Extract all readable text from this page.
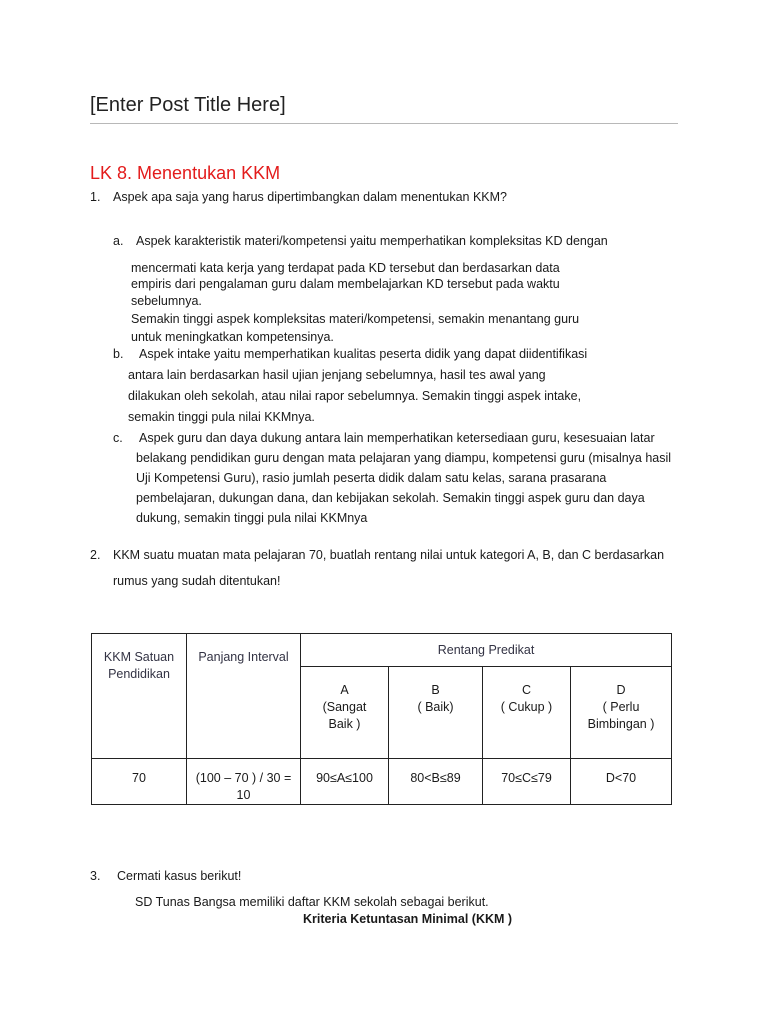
[Enter Post Title Here]
LK 8. Menentukan KKM
1. Aspek apa saja yang harus dipertimbangkan dalam menentukan KKM?
a. Aspek karakteristik materi/kompetensi yaitu memperhatikan kompleksitas KD dengan
mencermati kata kerja yang terdapat pada KD tersebut dan berdasarkan data
empiris dari pengalaman guru dalam membelajarkan KD tersebut pada waktu
sebelumnya.
Semakin tinggi aspek kompleksitas materi/kompetensi, semakin menantang guru
untuk meningkatkan kompetensinya.
b. Aspek intake yaitu memperhatikan kualitas peserta didik yang dapat diidentifikasi
antara lain berdasarkan hasil ujian jenjang sebelumnya, hasil tes awal yang
dilakukan oleh sekolah, atau nilai rapor sebelumnya. Semakin tinggi aspek intake,
semakin tinggi pula nilai KKMnya.
c. Aspek guru dan daya dukung antara lain memperhatikan ketersediaan guru, kesesuaian latar
belakang pendidikan guru dengan mata pelajaran yang diampu, kompetensi guru (misalnya hasil
Uji Kompetensi Guru), rasio jumlah peserta didik dalam satu kelas, sarana prasarana
pembelajaran, dukungan dana, dan kebijakan sekolah. Semakin tinggi aspek guru dan daya
dukung, semakin tinggi pula nilai KKMnya
2. KKM suatu muatan mata pelajaran 70, buatlah rentang nilai untuk kategori A, B, dan C berdasarkan
rumus yang sudah ditentukan!
KKM Satuan
Pendidikan	Panjang Interval	Rentang Predikat			
		A
(Sangat
Baik )	B
( Baik)	C
( Cukup )	D
( Perlu
Bimbingan )
70	(100 – 70 ) / 30 =
10	90≤A≤100	80<B≤89	70≤C≤79	D<70
3. Cermati kasus berikut!
SD Tunas Bangsa memiliki daftar KKM sekolah sebagai berikut.
Kriteria Ketuntasan Minimal (KKM )
